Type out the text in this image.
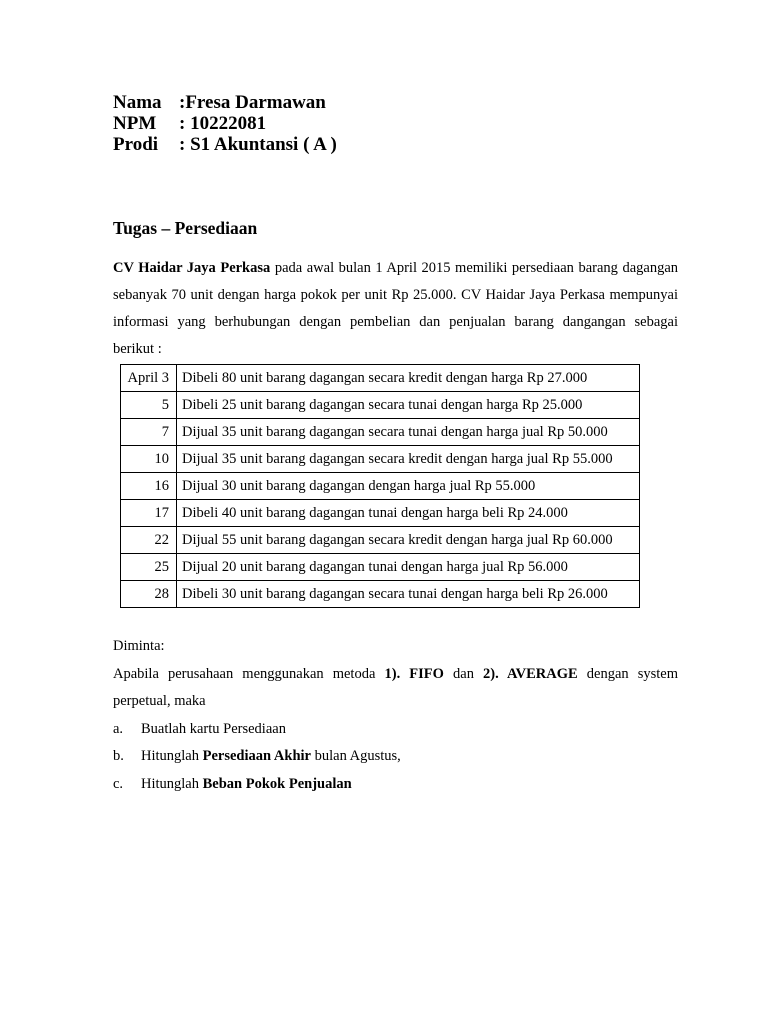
Nama :Fresa Darmawan
NPM	: 10222081
Prodi	: S1 Akuntansi ( A )
Tugas – Persediaan
CV Haidar Jaya Perkasa pada awal bulan 1 April 2015 memiliki persediaan barang dagangan
sebanyak 70 unit dengan harga pokok per unit Rp 25.000. CV Haidar Jaya Perkasa mempunyai
informasi yang berhubungan dengan pembelian dan penjualan barang dangangan sebagai
berikut :
April 3	Dibeli 80 unit barang dagangan secara kredit dengan harga Rp 27.000
5	Dibeli 25 unit barang dagangan secara tunai dengan harga Rp 25.000
7	Dijual 35 unit barang dagangan secara tunai dengan harga jual Rp 50.000
10	Dijual 35 unit barang dagangan secara kredit dengan harga jual Rp 55.000
16	Dijual 30 unit barang dagangan dengan harga jual Rp 55.000
17	Dibeli 40 unit barang dagangan tunai dengan harga beli Rp 24.000
22	Dijual 55 unit barang dagangan secara kredit dengan harga jual Rp 60.000
25	Dijual 20 unit barang dagangan tunai dengan harga jual Rp 56.000
28	Dibeli 30 unit barang dagangan secara tunai dengan harga beli Rp 26.000
Diminta:
Apabila perusahaan menggunakan metoda 1). FIFO dan 2). AVERAGE dengan system
perpetual, maka
a.	Buatlah kartu Persediaan
b.	Hitunglah Persediaan Akhir bulan Agustus,
c.	Hitunglah Beban Pokok Penjualan
